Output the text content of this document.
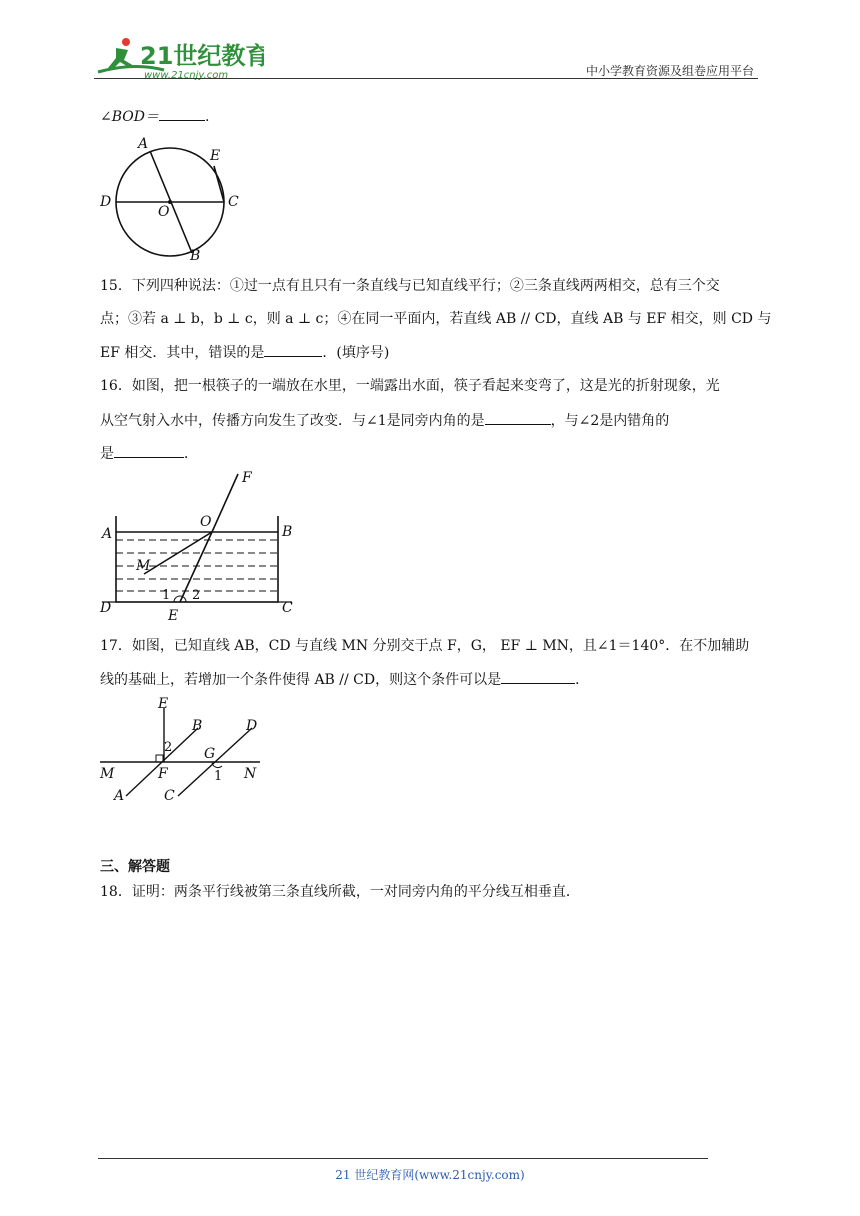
21世纪教育
www.21cnjy.com	中小学教育资源及组卷应用平台
∠BOD＝	.
A
E
D	C
O
B
15．下列四种说法：①过一点有且只有一条直线与已知直线平行；②三条直线两两相交，总有三个交
点；③若 a ⊥ b，b ⊥ c，则 a ⊥ c；④在同一平面内，若直线 AB // CD，直线 AB 与 EF 相交，则 CD 与
EF 相交．其中，错误的是	．(填序号)
16．如图，把一根筷子的一端放在水里，一端露出水面，筷子看起来变弯了，这是光的折射现象，光
从空气射入水中，传播方向发生了改变．与∠1是同旁内角的是	，与∠2是内错角的
是	．
F
O
A	B
M
1 2
D	E	C
17．如图，已知直线 AB，CD 与直线 MN 分别交于点 F，G， EF ⊥ MN，且∠1＝140°．在不加辅助
线的基础上，若增加一个条件使得 AB // CD，则这个条件可以是	．
E
B	D
2 G
M	F	1 N
A	C
三、解答题
18．证明：两条平行线被第三条直线所截，一对同旁内角的平分线互相垂直．
21 世纪教育网(www.21cnjy.com)
